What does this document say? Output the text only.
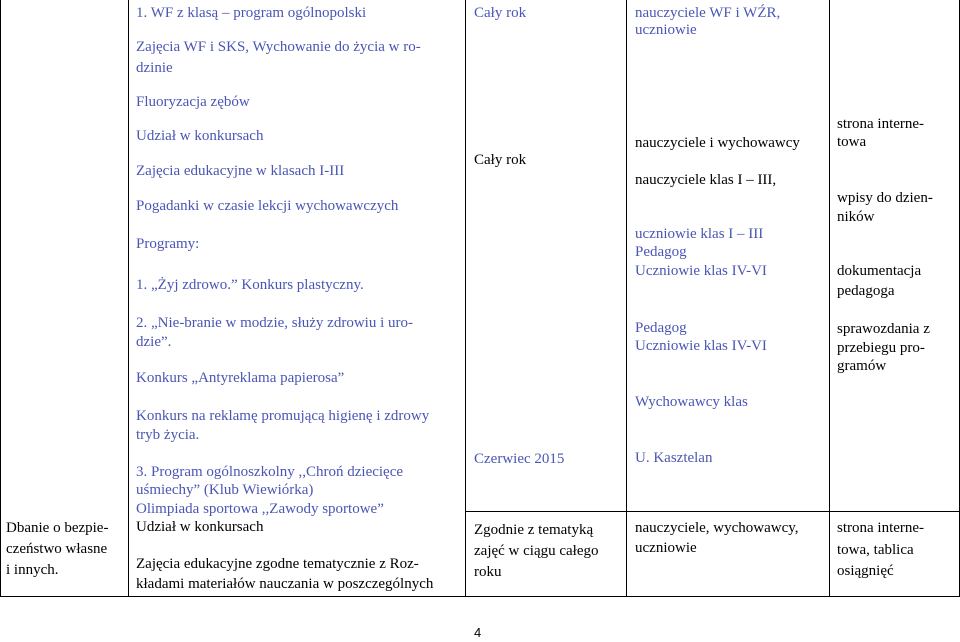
Dbanie o bezpie-
czeństwo własne
i innych.
1. WF z klasą – program ogólnopolski
Zajęcia WF i SKS, Wychowanie do życia w ro-
dzinie
Fluoryzacja zębów
Udział w konkursach
Zajęcia edukacyjne w klasach I-III
Pogadanki w czasie lekcji wychowawczych
Programy:
1. „Żyj zdrowo.” Konkurs plastyczny.
2. „Nie-branie w modzie, służy zdrowiu i uro-
dzie”.
Konkurs „Antyreklama papierosa”
Konkurs na reklamę promującą higienę i zdrowy
tryb życia.
3. Program ogólnoszkolny ,,Chroń dziecięce
uśmiechy” (Klub Wiewiórka)
Olimpiada sportowa ,,Zawody sportowe”
Udział w konkursach
Zajęcia edukacyjne zgodne tematycznie z Roz-
kładami materiałów nauczania w poszczególnych
Cały rok
Cały rok
Czerwiec 2015
Zgodnie z tematyką
zajęć w ciągu całego
roku
nauczyciele WF i WŹR,
uczniowie
nauczyciele i wychowawcy
nauczyciele klas I – III,
uczniowie klas I – III
Pedagog
Uczniowie klas IV-VI
Pedagog
Uczniowie klas IV-VI
Wychowawcy klas
U. Kasztelan
nauczyciele, wychowawcy,
uczniowie
strona interne-
towa
wpisy do dzien-
ników
dokumentacja
pedagoga
sprawozdania z
przebiegu pro-
gramów
strona interne-
towa, tablica
osiągnięć
4
